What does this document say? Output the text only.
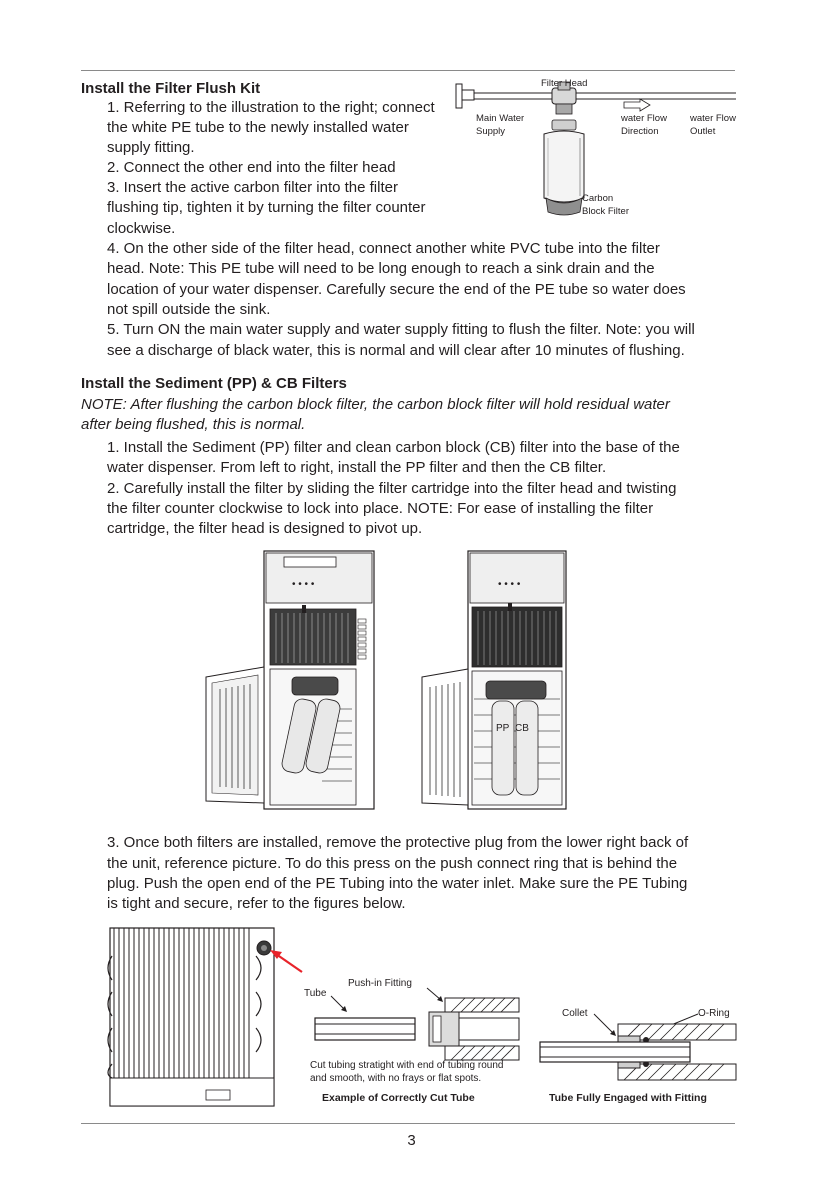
Install the Filter Flush Kit
1. Referring to the illustration to the right; connect
the white PE tube to the newly installed water
supply fitting.
2. Connect the other end into the filter head
3. Insert the active carbon filter into the filter
flushing tip, tighten it by turning the filter counter
clockwise.
4. On the other side of the filter head, connect another white PVC tube into the filter
head. Note: This PE tube will need to be long enough to reach a sink drain and the
location of your water dispenser. Carefully secure the end of the PE tube so water does
not spill outside the sink.
5. Turn ON the main water supply and water supply fitting to flush the filter. Note: you will
see a discharge of black water, this is normal and will clear after 10 minutes of flushing.
Filter Head
Main Water
Supply
water Flow
Direction
water Flow
Outlet
Carbon
Block Filter
Install the Sediment (PP) & CB Filters
NOTE: After flushing the carbon block filter, the carbon block filter will hold residual water
after being flushed, this is normal.
1. Install the Sediment (PP) filter and clean carbon block (CB) filter into the base of the
water dispenser. From left to right, install the PP filter and then the CB filter.
2. Carefully install the filter by sliding the filter cartridge into the filter head and twisting
the filter counter clockwise to lock into place. NOTE: For ease of installing the filter
cartridge, the filter head is designed to pivot up.
• • • •	• • • •
PP CB
3. Once both filters are installed, remove the protective plug from the lower right back of
the unit, reference picture. To do this press on the push connect ring that is behind the
plug. Push the open end of the PE Tubing into the water inlet. Make sure the PE Tubing
is tight and secure, refer to the figures below.
Tube
Push-in Fitting
Cut tubing stratight with end of tubing round
and smooth, with no frays or flat spots.
Example of Correctly Cut Tube
Collet	O-Ring
Tube Fully Engaged with Fitting
3
